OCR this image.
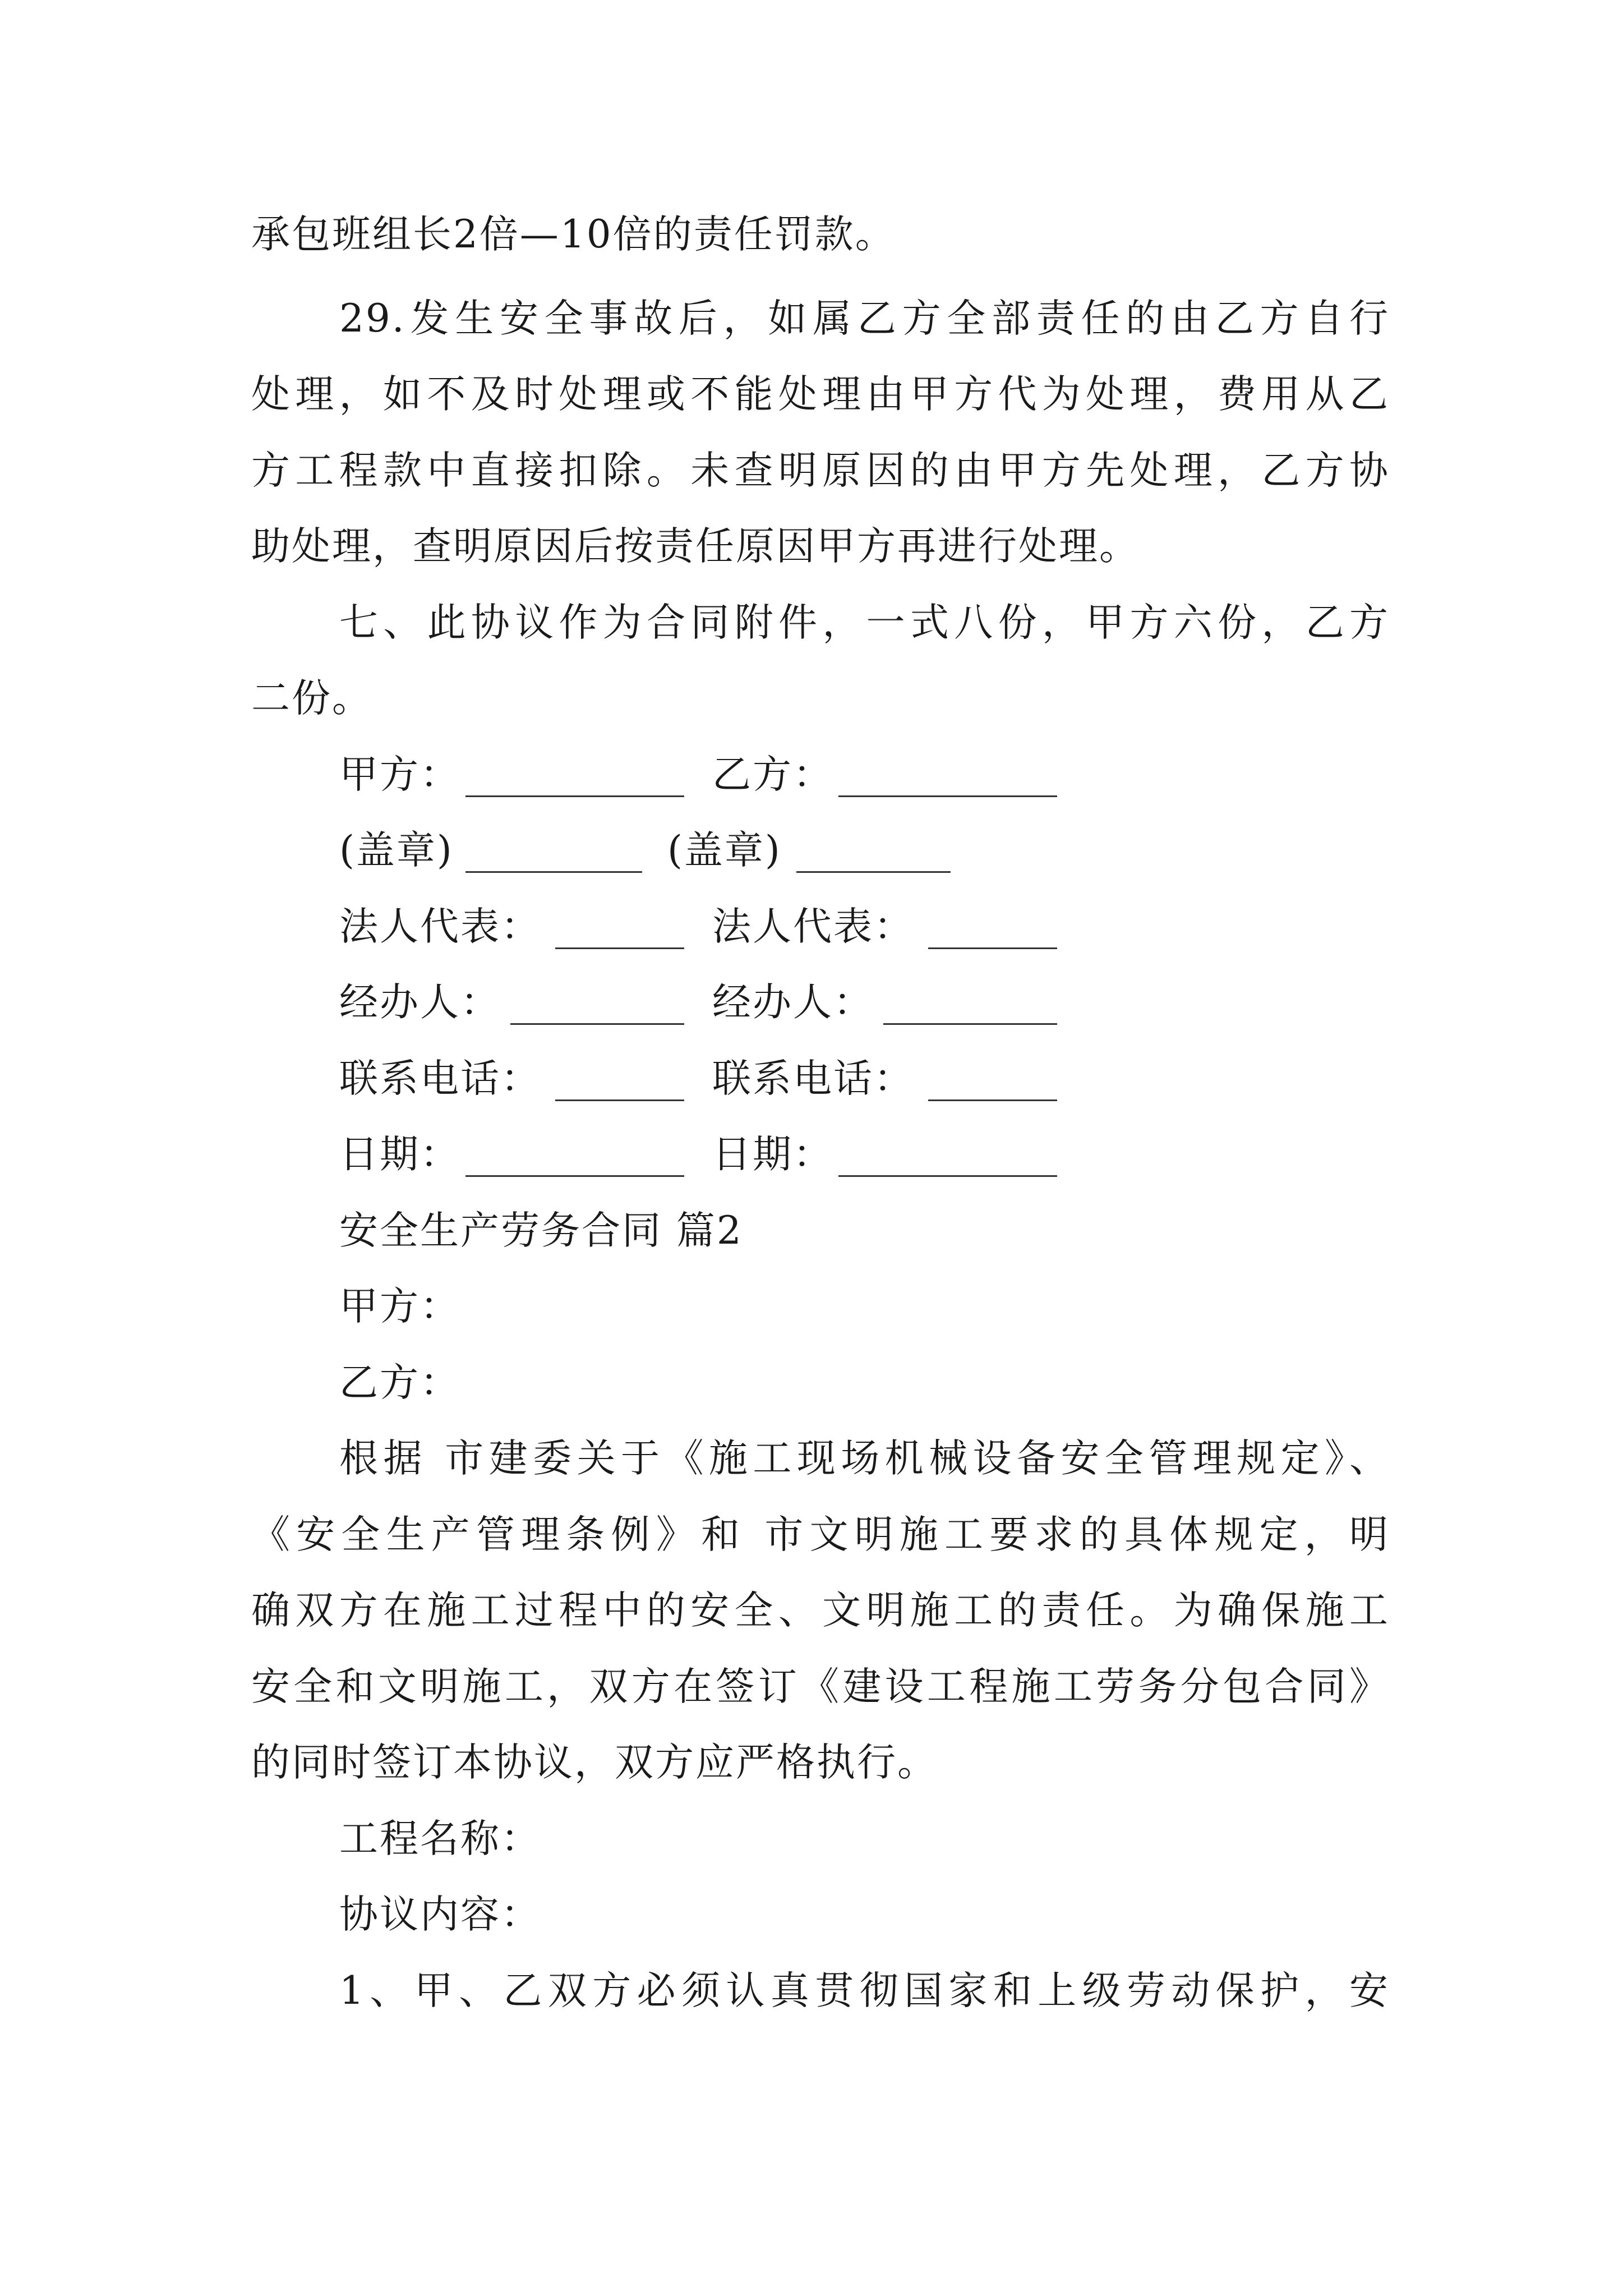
承包班组长2倍—10倍的责任罚款。
29.发生安全事故后，如属乙方全部责任的由乙方自行
处理，如不及时处理或不能处理由甲方代为处理，费用从乙
方工程款中直接扣除。未查明原因的由甲方先处理，乙方协
助处理，查明原因后按责任原因甲方再进行处理。
七、此协议作为合同附件，一式八份，甲方六份，乙方
二份。
甲方：	乙方：
(盖章)	(盖章)
法人代表：	法人代表：
经办人：	经办人：
联系电话：	联系电话：
日期：	日期：
安全生产劳务合同 篇2
甲方：
乙方：
根据 市建委关于《施工现场机械设备安全管理规定》、
《安全生产管理条例》和 市文明施工要求的具体规定，明
确双方在施工过程中的安全、文明施工的责任。为确保施工
安全和文明施工，双方在签订《建设工程施工劳务分包合同》
的同时签订本协议，双方应严格执行。
工程名称：
协议内容：
1、甲、乙双方必须认真贯彻国家和上级劳动保护，安
